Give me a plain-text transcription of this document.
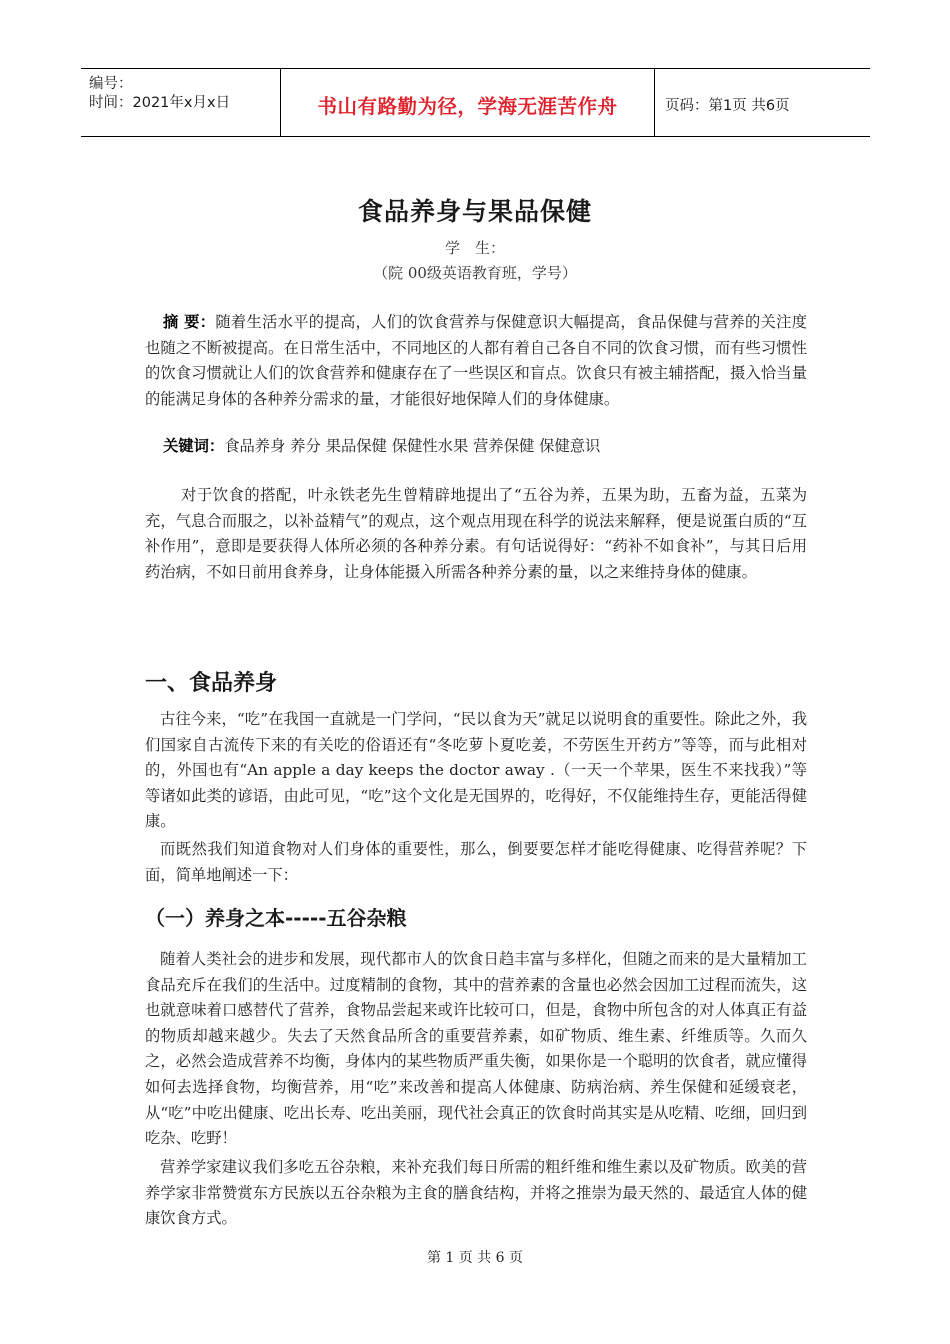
编号：
时间：2021年x月x日	书山有路勤为径，学海无涯苦作舟	页码：第1页 共6页
食品养身与果品保健
学　生：
（院 00级英语教育班，学号）
摘 要：随着生活水平的提高，人们的饮食营养与保健意识大幅提高，食品保健与营养的关注度也随之不断被提高。在日常生活中，不同地区的人都有着自己各自不同的饮食习惯，而有些习惯性的饮食习惯就让人们的饮食营养和健康存在了一些误区和盲点。饮食只有被主辅搭配，摄入恰当量的能满足身体的各种养分需求的量，才能很好地保障人们的身体健康。
关键词：食品养身 养分 果品保健 保健性水果 营养保健 保健意识
对于饮食的搭配，叶永铁老先生曾精辟地提出了“五谷为养，五果为助，五畜为益，五菜为充，气息合而服之，以补益精气”的观点，这个观点用现在科学的说法来解释，便是说蛋白质的“互补作用”，意即是要获得人体所必须的各种养分素。有句话说得好：“药补不如食补”，与其日后用药治病，不如日前用食养身，让身体能摄入所需各种养分素的量，以之来维持身体的健康。
一、食品养身
古往今来，“吃”在我国一直就是一门学问，“民以食为天”就足以说明食的重要性。除此之外，我们国家自古流传下来的有关吃的俗语还有“冬吃萝卜夏吃姜，不劳医生开药方”等等，而与此相对的，外国也有“An apple a day keeps the doctor away .（一天一个苹果，医生不来找我）”等等诸如此类的谚语，由此可见，“吃”这个文化是无国界的，吃得好，不仅能维持生存，更能活得健康。
而既然我们知道食物对人们身体的重要性，那么，倒要要怎样才能吃得健康、吃得营养呢？下面，简单地阐述一下：
（一）养身之本-----五谷杂粮
随着人类社会的进步和发展，现代都市人的饮食日趋丰富与多样化，但随之而来的是大量精加工食品充斥在我们的生活中。过度精制的食物，其中的营养素的含量也必然会因加工过程而流失，这也就意味着口感替代了营养，食物品尝起来或许比较可口，但是，食物中所包含的对人体真正有益的物质却越来越少。失去了天然食品所含的重要营养素，如矿物质、维生素、纤维质等。久而久之，必然会造成营养不均衡，身体内的某些物质严重失衡，如果你是一个聪明的饮食者，就应懂得如何去选择食物，均衡营养，用“吃”来改善和提高人体健康、防病治病、养生保健和延缓衰老，从“吃”中吃出健康、吃出长寿、吃出美丽，现代社会真正的饮食时尚其实是从吃精、吃细，回归到吃杂、吃野！
营养学家建议我们多吃五谷杂粮，来补充我们每日所需的粗纤维和维生素以及矿物质。欧美的营养学家非常赞赏东方民族以五谷杂粮为主食的膳食结构，并将之推崇为最天然的、最适宜人体的健康饮食方式。
第 1 页 共 6 页
